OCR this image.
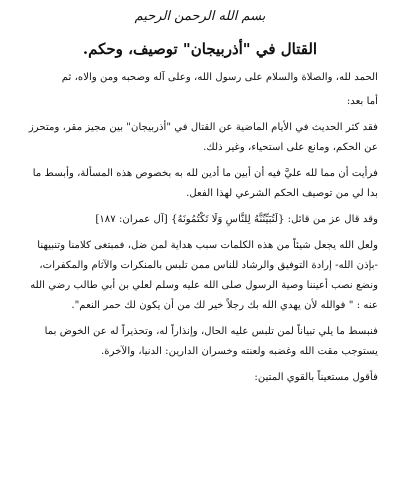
بسم الله الرحمن الرحيم
القتال في "أذربيجان" توصيف، وحكم.

الحمد لله، والصلاة والسلام على رسول الله، وعلى آله وصحبه ومن والاه، ثم

أما بعد:

فقد كثر الحديث في الأيام الماضية عن القتال في "أذربيجان" بين مجيز مقر، ومتحرز عن الحكم، ومانع على استحياء، وغير ذلك.

فرأيت أن مما لله عليَّ فيه أن أبين ما أدين لله به بخصوص هذه المسألة، وأبسط ما بدا لي من توصيف الحكم الشرعي لهذا الفعل.

وقد قال عز من قائل: {لَتُبَيِّنُنَّهُ لِلنَّاسِ وَلَا تَكْتُمُونَهُ} [آل عمران: ١٨٧]

ولعل الله يجعل شيئاً من هذه الكلمات سبب هداية لمن ضل، فمبتغى كلامنا وتنبيهنا -بإذن الله- إرادة التوفيق والرشاد للناس ممن تلبس بالمنكرات والآثام والمكفرات، ونضع نصب أعيننا وصية الرسول صلى الله عليه وسلم لعلي بن أبي طالب رضي الله عنه : " فوالله لأن يهدي الله بك رجلاً خير لك من أن يكون لك حمر النعم".

فنبسط ما يلي تبياناً لمن تلبس عليه الحال، وإنذاراً له، وتحذيراً له عن الخوض بما يستوجب مقت الله وغضبه ولعنته وخسران الدارين: الدنيا، والآخرة.

فأقول مستعيناً بالقوي المتين:
